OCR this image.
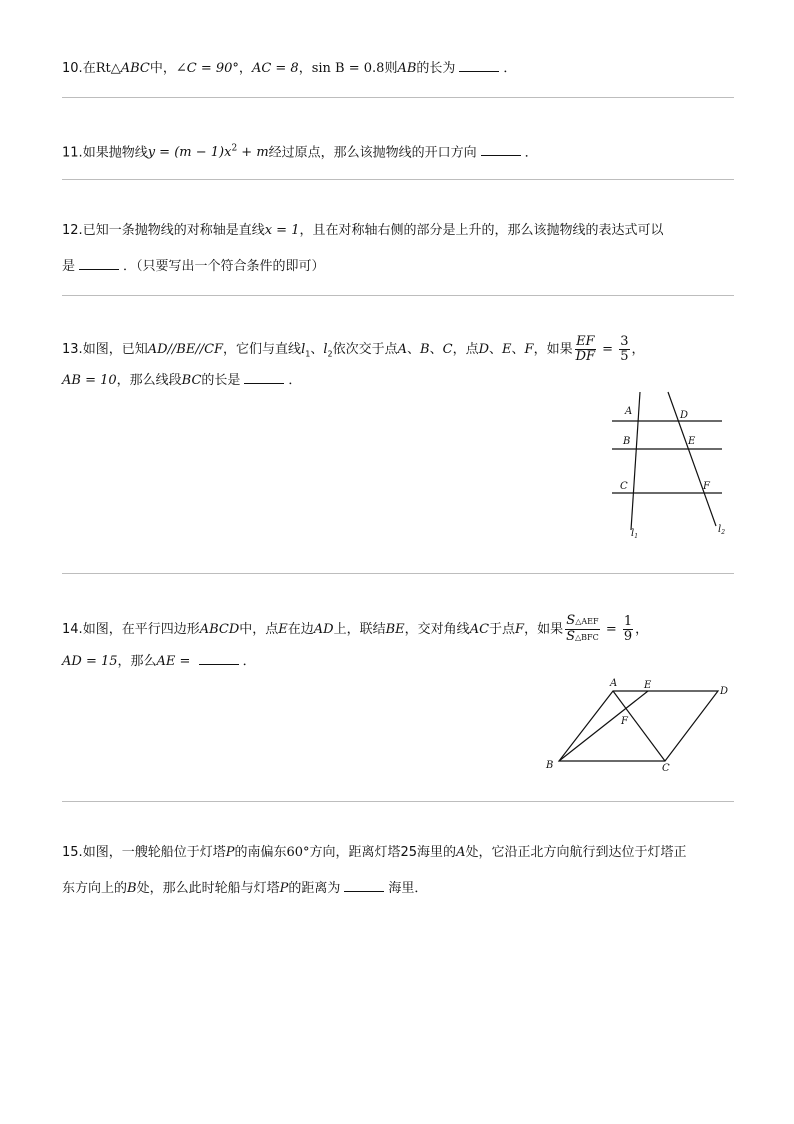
10.在Rt△ABC中，∠C = 90°，AC = 8，sin B = 0.8则AB的长为	．
11.如果抛物线$y = (m - 1)x^2 + m$经过原点，那么该抛物线的开口方向	．
12.已知一条抛物线的对称轴是直线x = 1，且在对称轴右侧的部分是上升的，那么该抛物线的表达式可以
是	．（只要写出一个符合条件的即可）
13.如图，已知AD//BE//CF，它们与直线$l_1$、$l_2$依次交于点A、B、C，点D、E、F，如果 $\frac{EF}{DF} = \frac{3}{5}$ ，
AB = 10，那么线段BC的长是	．
A	D
B	E
C	F
$l_1$
$l_2$
14.如图，在平行四边形ABCD中，点E在边AD上，联结BE，交对角线AC于点F，如果 $\frac{\text{S△AEF}}{\text{S△BFC}} = \frac{1}{9}$ ，
AD = 15，那么AE =	．
A	E
D
F
B	C
15.如图，一艘轮船位于灯塔P的南偏东60°方向，距离灯塔25海里的A处，它沿正北方向航行到达位于灯塔正
东方向上的B处，那么此时轮船与灯塔P的距离为	海里．
